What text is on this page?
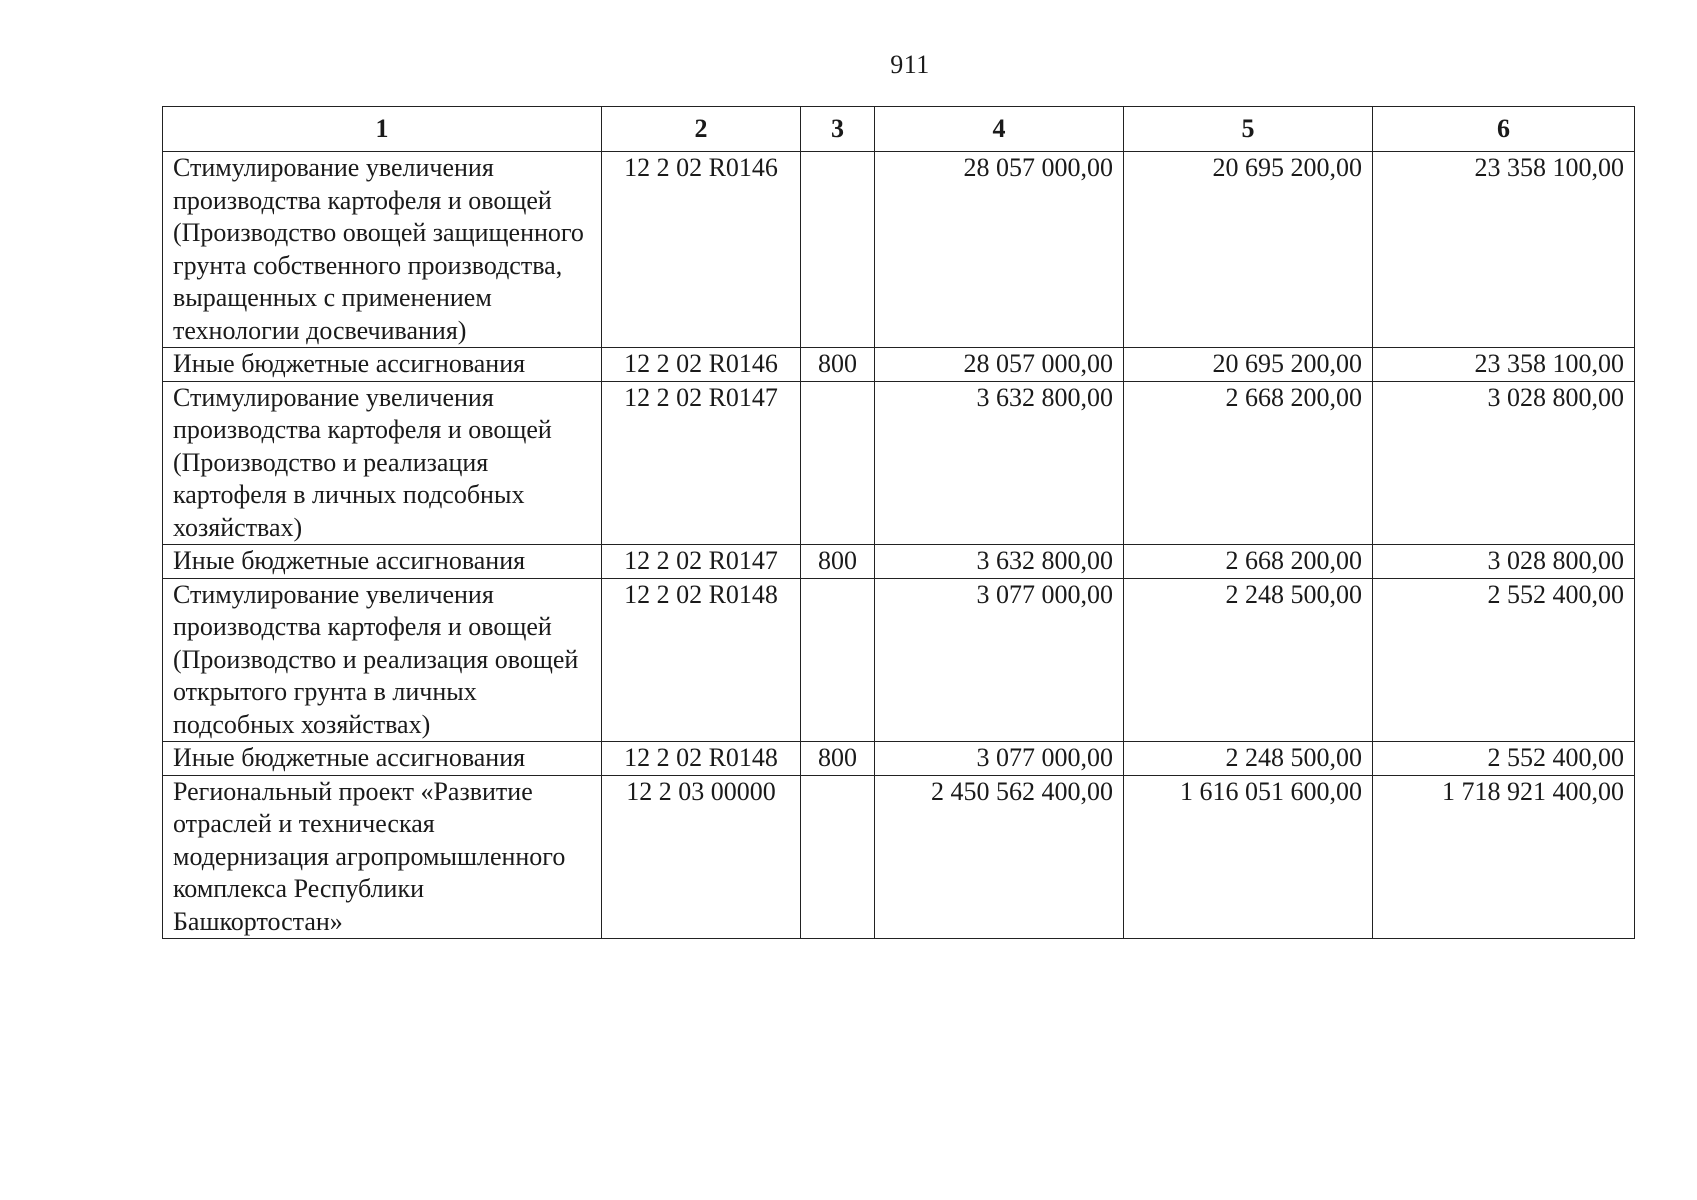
911
1	2	3	4	5	6
Стимулирование увеличения производства картофеля и овощей (Производство овощей защищенного грунта собственного производства, выращенных с применением технологии досвечивания)	12 2 02 R0146		28 057 000,00	20 695 200,00	23 358 100,00
Иные бюджетные ассигнования	12 2 02 R0146	800	28 057 000,00	20 695 200,00	23 358 100,00
Стимулирование увеличения производства картофеля и овощей (Производство и реализация картофеля в личных подсобных хозяйствах)	12 2 02 R0147		3 632 800,00	2 668 200,00	3 028 800,00
Иные бюджетные ассигнования	12 2 02 R0147	800	3 632 800,00	2 668 200,00	3 028 800,00
Стимулирование увеличения производства картофеля и овощей (Производство и реализация овощей открытого грунта в личных подсобных хозяйствах)	12 2 02 R0148		3 077 000,00	2 248 500,00	2 552 400,00
Иные бюджетные ассигнования	12 2 02 R0148	800	3 077 000,00	2 248 500,00	2 552 400,00
Региональный проект «Развитие отраслей и техническая модернизация агропромышленного комплекса Республики Башкортостан»	12 2 03 00000		2 450 562 400,00	1 616 051 600,00	1 718 921 400,00
